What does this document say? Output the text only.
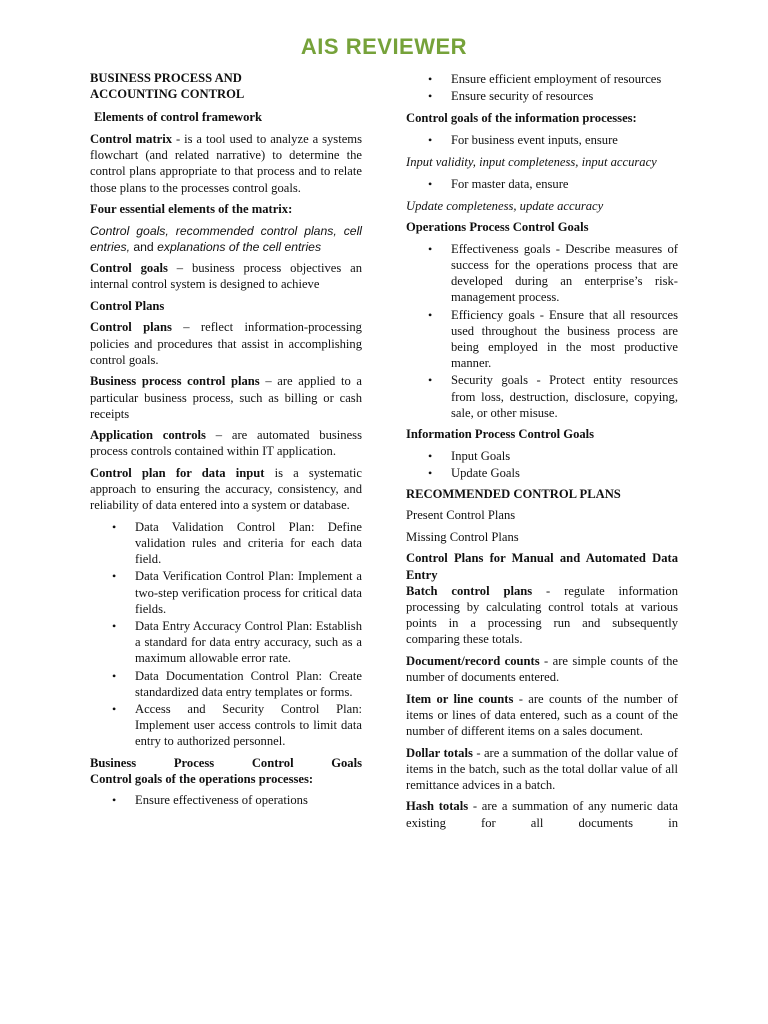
AIS REVIEWER

BUSINESS PROCESS AND ACCOUNTING CONTROL

Elements of control framework

Control matrix - is a tool used to analyze a systems flowchart (and related narrative) to determine the control plans appropriate to that process and to relate those plans to the processes control goals.

Four essential elements of the matrix:

Control goals, recommended control plans, cell entries, and explanations of the cell entries

Control goals – business process objectives an internal control system is designed to achieve

Control Plans

Control plans – reflect information-processing policies and procedures that assist in accomplishing control goals.

Business process control plans – are applied to a particular business process, such as billing or cash receipts

Application controls – are automated business process controls contained within IT application.

Control plan for data input is a systematic approach to ensuring the accuracy, consistency, and reliability of data entered into a system or database.

• Data Validation Control Plan: Define validation rules and criteria for each data field.
• Data Verification Control Plan: Implement a two-step verification process for critical data fields.
• Data Entry Accuracy Control Plan: Establish a standard for data entry accuracy, such as a maximum allowable error rate.
• Data Documentation Control Plan: Create standardized data entry templates or forms.
• Access and Security Control Plan: Implement user access controls to limit data entry to authorized personnel.

Business Process Control Goals

Control goals of the operations processes:

• Ensure effectiveness of operations
• Ensure efficient employment of resources
• Ensure security of resources

Control goals of the information processes:

• For business event inputs, ensure

Input validity, input completeness, input accuracy

• For master data, ensure

Update completeness, update accuracy

Operations Process Control Goals

• Effectiveness goals - Describe measures of success for the operations process that are developed during an enterprise’s risk-management process.
• Efficiency goals - Ensure that all resources used throughout the business process are being employed in the most productive manner.
• Security goals - Protect entity resources from loss, destruction, disclosure, copying, sale, or other misuse.

Information Process Control Goals

• Input Goals
• Update Goals

RECOMMENDED CONTROL PLANS

Present Control Plans

Missing Control Plans

Control Plans for Manual and Automated Data Entry

Batch control plans - regulate information processing by calculating control totals at various points in a processing run and subsequently comparing these totals.

Document/record counts - are simple counts of the number of documents entered.

Item or line counts - are counts of the number of items or lines of data entered, such as a count of the number of different items on a sales document.

Dollar totals - are a summation of the dollar value of items in the batch, such as the total dollar value of all remittance advices in a batch.

Hash totals - are a summation of any numeric data existing for all documents in
